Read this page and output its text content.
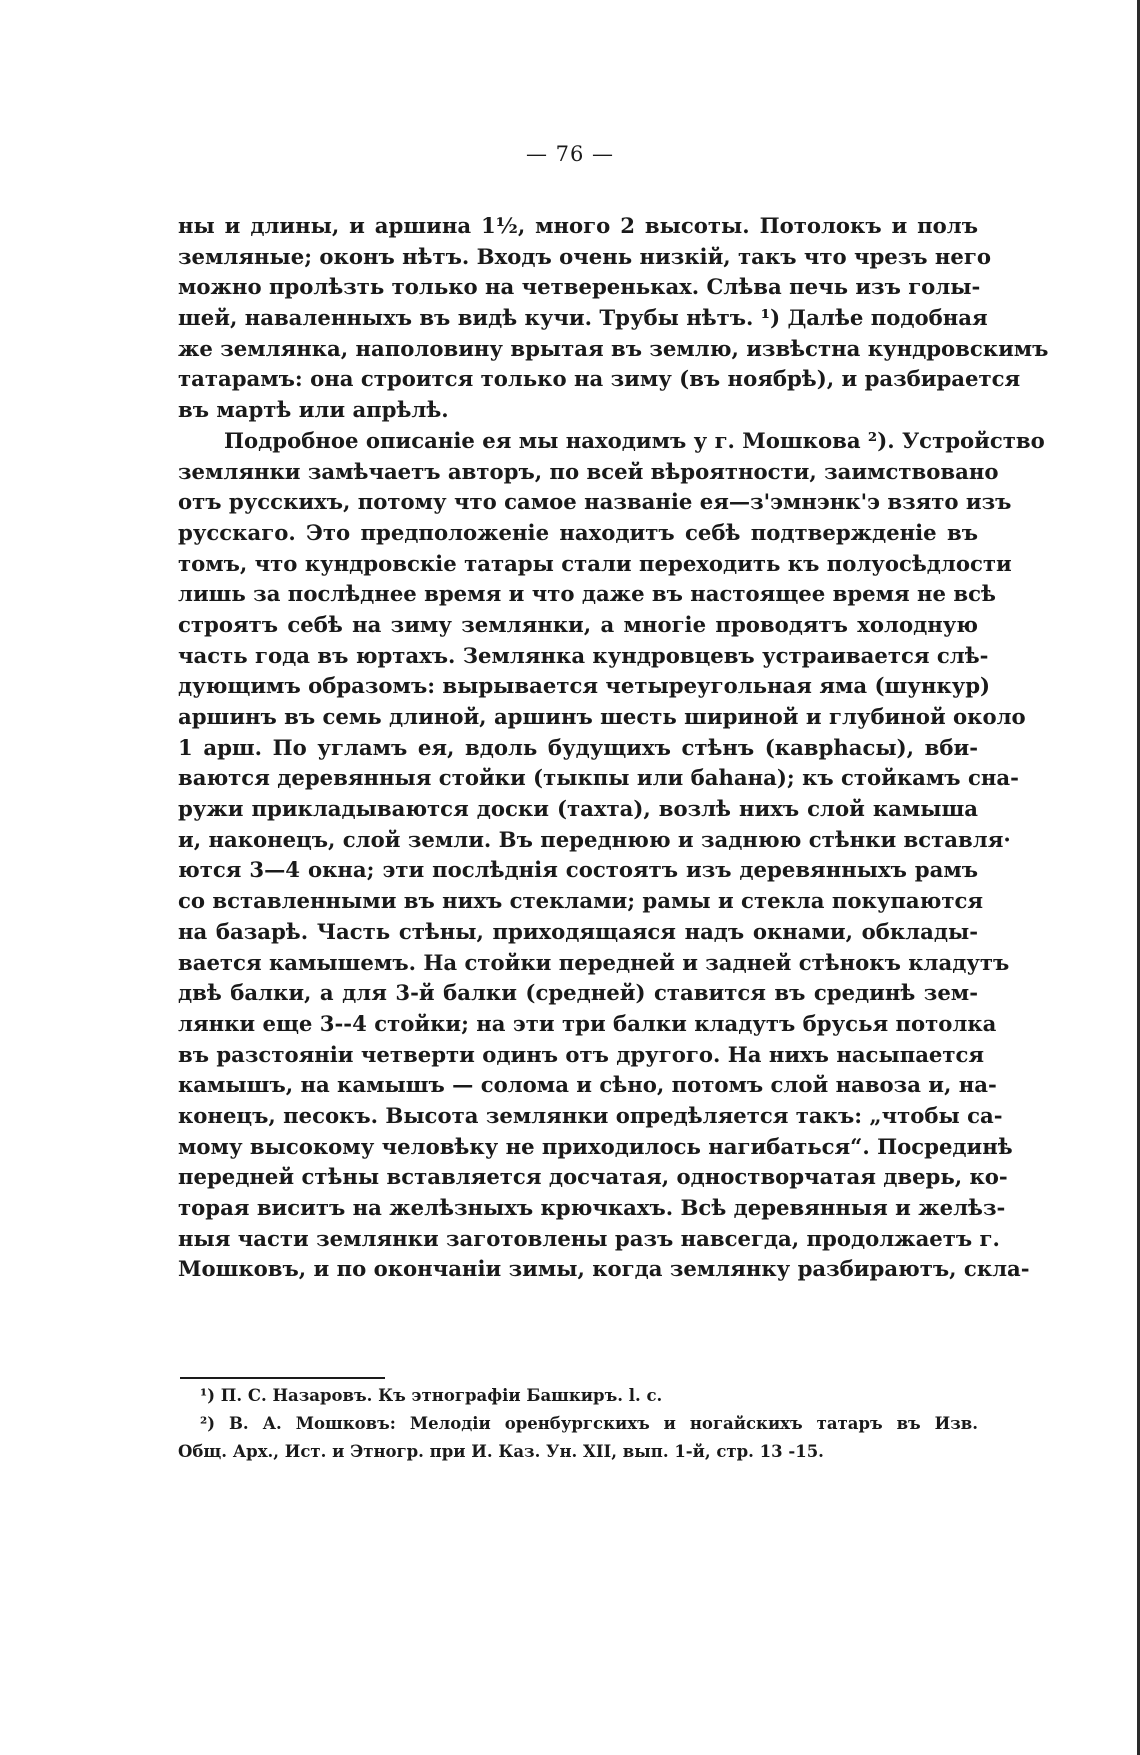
— 76 —
ны и длины, и аршина 1½, много 2 высоты. Потолокъ и полъ
земляные; оконъ нѣтъ. Входъ очень низкій, такъ что чрезъ него
можно пролѣзть только на четвереньках. Слѣва печь изъ голы-
шей, наваленныхъ въ видѣ кучи. Трубы нѣтъ. ¹) Далѣе подобная
же землянка, наполовину врытая въ землю, извѣстна кундровскимъ
татарамъ: она строится только на зиму (въ ноябрѣ), и разбирается
въ мартѣ или апрѣлѣ.
Подробное описаніе ея мы находимъ у г. Мошкова ²). Устройство
землянки замѣчаетъ авторъ, по всей вѣроятности, заимствовано
отъ русскихъ, потому что самое названіе ея—з'эмнэнк'э взято изъ
русскаго. Это предположеніе находитъ себѣ подтвержденіе въ
томъ, что кундровскіе татары стали переходить къ полуосѣдлости
лишь за послѣднее время и что даже въ настоящее время не всѣ
строятъ себѣ на зиму землянки, а многіе проводятъ холодную
часть года въ юртахъ. Землянка кундровцевъ устраивается слѣ-
дующимъ образомъ: вырывается четыреугольная яма (шункур)
аршинъ въ семь длиной, аршинъ шесть шириной и глубиной около
1 арш. По угламъ ея, вдоль будущихъ стѣнъ (каврhасы), вби-
ваются деревянныя стойки (тыкпы или баhана); къ стойкамъ сна-
ружи прикладываются доски (тахта), возлѣ нихъ слой камыша
и, наконецъ, слой земли. Въ переднюю и заднюю стѣнки вставля·
ются 3—4 окна; эти послѣднія состоятъ изъ деревянныхъ рамъ
со вставленными въ нихъ стеклами; рамы и стекла покупаются
на базарѣ. Часть стѣны, приходящаяся надъ окнами, обклады-
вается камышемъ. На стойки передней и задней стѣнокъ кладутъ
двѣ балки, а для 3-й балки (средней) ставится въ срединѣ зем-
лянки еще 3--4 стойки; на эти три балки кладутъ брусья потолка
въ разстояніи четверти одинъ отъ другого. На нихъ насыпается
камышъ, на камышъ — солома и сѣно, потомъ слой навоза и, на-
конецъ, песокъ. Высота землянки опредѣляется такъ: „чтобы са-
мому высокому человѣку не приходилось нагибаться“. Посрединѣ
передней стѣны вставляется досчатая, одностворчатая дверь, ко-
торая виситъ на желѣзныхъ крючкахъ. Всѣ деревянныя и желѣз-
ныя части землянки заготовлены разъ навсегда, продолжаетъ г.
Мошковъ, и по окончаніи зимы, когда землянку разбираютъ, скла-
¹) П. С. Назаровъ. Къ этнографіи Башкиръ. l. c.
²) В. А. Мошковъ: Мелодіи оренбургскихъ и ногайскихъ татаръ въ Изв.
Общ. Арх., Ист. и Этногр. при И. Каз. Ун. XII, вып. 1-й, стр. 13 -15.
